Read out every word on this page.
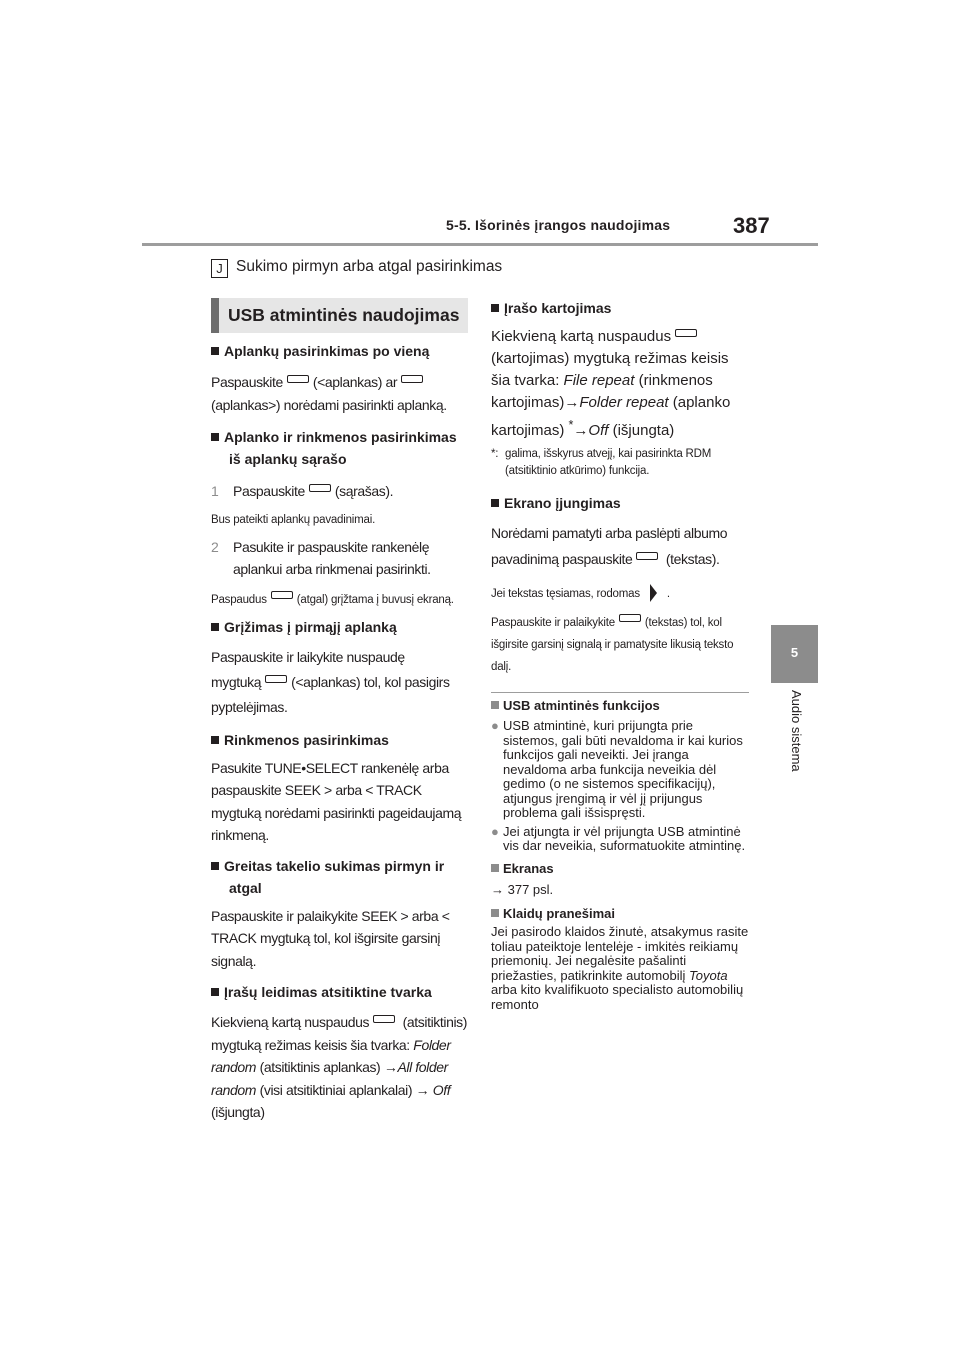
5-5. Išorinės įrangos naudojimas	387
5
Audio sistema
J Sukimo pirmyn arba atgal pasirinkimas
USB atmintinės naudojimas

Aplankų pasirinkimas po vieną

Paspauskite (<aplankas) ar
(aplankas>) norėdami pasirinkti aplanką.

Aplanko ir rinkmenos pasirinkimas iš aplankų sąrašo

1	Paspauskite (sąrašas).

Bus pateikti aplankų pavadinimai.

2	Pasukite ir paspauskite rankenėlę aplankui arba rinkmenai pasirinkti.

Paspaudus	(atgal) grįžtama į buvusį ekraną.

Grįžimas į pirmąjį aplanką

Paspauskite ir laikykite nuspaudę
mygtuką (<aplankas) tol, kol pasigirs pyptelėjimas.

Rinkmenos pasirinkimas

Pasukite TUNE•SELECT rankenėlę arba paspauskite SEEK > arba < TRACK mygtuką norėdami pasirinkti pageidaujamą rinkmeną.

Greitas takelio sukimas pirmyn ir atgal

Paspauskite ir palaikykite SEEK > arba < TRACK mygtuką tol, kol išgirsite garsinį signalą.

Įrašų leidimas atsitiktine tvarka

Kiekvieną kartą nuspaudus (atsitiktinis) mygtuką režimas keisis šia tvarka: Folder random (atsitiktinis aplankas) →All folder random (visi atsitiktiniai aplankalai) → Off (išjungta)

Įrašo kartojimas

Kiekvieną kartą nuspaudus (kartojimas) mygtuką režimas keisis šia tvarka: File repeat (rinkmenos kartojimas)→Folder repeat (aplanko kartojimas) *→Off (išjungta)

*: galima, išskyrus atvejį, kai pasirinkta RDM (atsitiktinio atkūrimo) funkcija.

Ekrano įjungimas

Norėdami pamatyti arba paslėpti albumo pavadinimą paspauskite (tekstas).

Jei tekstas tęsiamas, rodomas .

Paspauskite ir palaikykite	(tekstas) tol, kol išgirsite garsinį signalą ir pamatysite likusią teksto dalį.

USB atmintinės funkcijos

● USB atmintinė, kuri prijungta prie sistemos, gali būti nevaldoma ir kai kurios funkcijos gali neveikti. Jei įranga nevaldoma arba funkcija neveikia dėl gedimo (o ne sistemos specifikacijų), atjungus įrengimą ir vėl jį prijungus problema gali išsispręsti.
● Jei atjungta ir vėl prijungta USB atmintinė vis dar neveikia, suformatuokite atmintinę.

Ekranas

→ 377 psl.

Klaidų pranešimai

Jei pasirodo klaidos žinutė, atsakymus rasite toliau pateiktoje lentelėje - imkitės reikiamų priemonių. Jei negalėsite pašalinti priežasties, patikrinkite automobilį Toyota arba kito kvalifikuoto specialisto automobilių remonto
